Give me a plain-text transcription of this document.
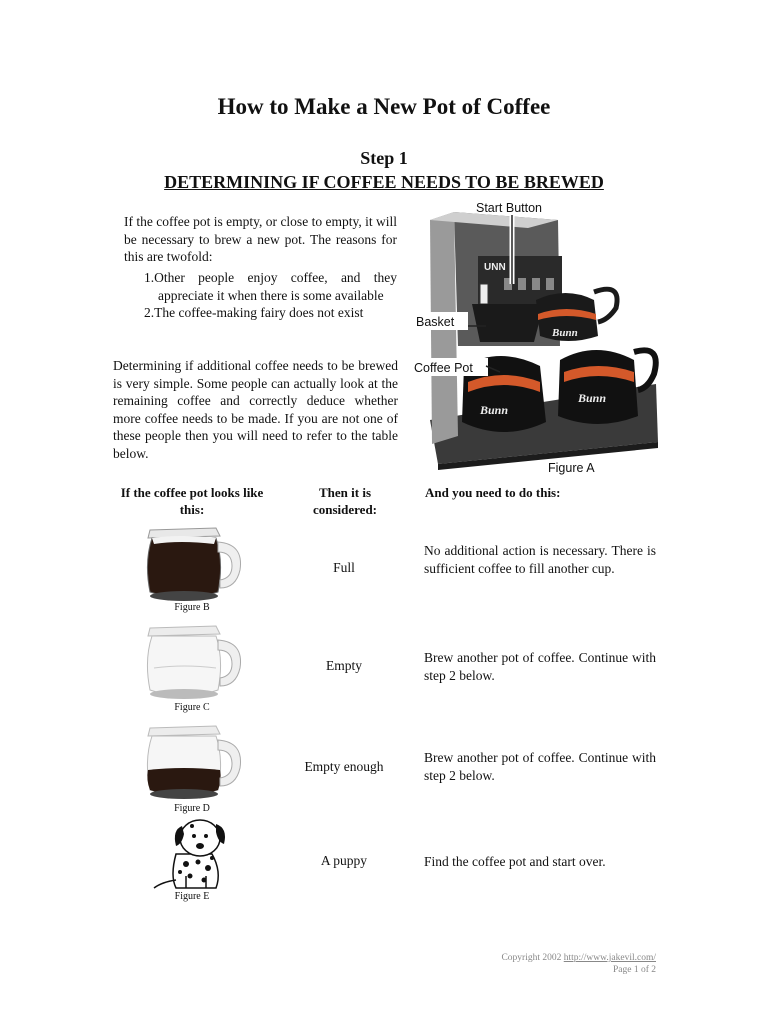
How to Make a New Pot of Coffee
Step 1
DETERMINING IF COFFEE NEEDS TO BE BREWED
If the coffee pot is empty, or close to empty, it will be necessary to brew a new pot. The reasons for this are twofold:
1.Other people enjoy coffee, and they appreciate it when there is some available
2.The coffee-making fairy does not exist
Determining if additional coffee needs to be brewed is very simple. Some people can actually look at the remaining coffee and correctly deduce whether more coffee needs to be made. If you are not one of these people then you will need to refer to the table below.
UNN
Bunn
Bunn
Bunn
Start Button
Basket
Coffee Pot
Figure A
If the coffee pot looks like this:
Then it is considered:
And you need to do this:
Figure B
Full
No additional action is necessary. There is sufficient coffee to fill another cup.
Figure C
Empty
Brew another pot of coffee. Continue with step 2 below.
Figure D
Empty enough
Brew another pot of coffee. Continue with step 2 below.
Figure E
A puppy	Find the coffee pot and start over.
Copyright 2002 http://www.jakevil.com/
Page 1 of 2
